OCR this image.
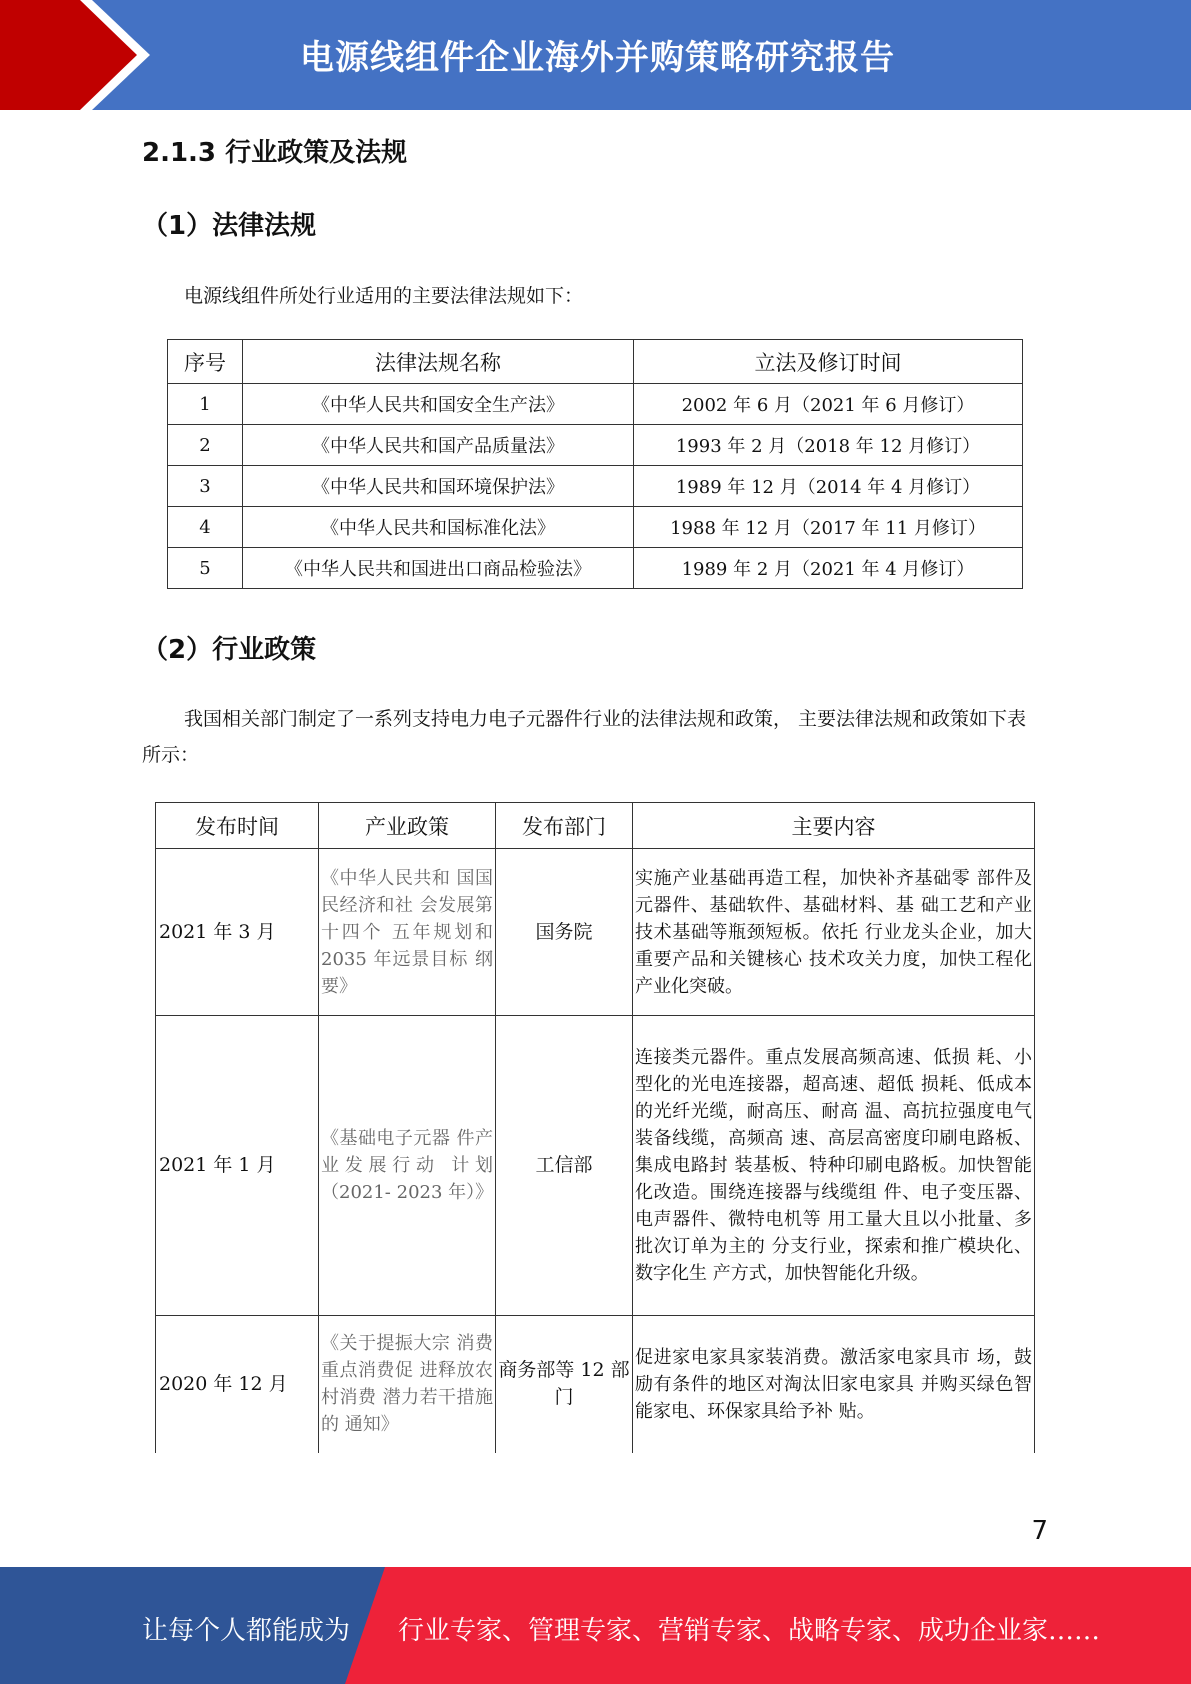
电源线组件企业海外并购策略研究报告
2.1.3 行业政策及法规
（1）法律法规
电源线组件所处行业适用的主要法律法规如下：
序号	法律法规名称	立法及修订时间
1	《中华人民共和国安全生产法》	2002 年 6 月（2021 年 6 月修订）
2	《中华人民共和国产品质量法》	1993 年 2 月（2018 年 12 月修订）
3	《中华人民共和国环境保护法》	1989 年 12 月（2014 年 4 月修订）
4	《中华人民共和国标准化法》	1988 年 12 月（2017 年 11 月修订）
5	《中华人民共和国进出口商品检验法》	1989 年 2 月（2021 年 4 月修订）
（2）行业政策
我国相关部门制定了一系列支持电力电子元器件行业的法律法规和政策， 主要法律法规和政策如下表所示：
发布时间	产业政策	发布部门	主要内容
2021 年 3 月	《中华人民共和 国国民经济和社 会发展第十四个 五年规划和 2035 年远景目标 纲要》	国务院	实施产业基础再造工程，加快补齐基础零 部件及元器件、基础软件、基础材料、基 础工艺和产业技术基础等瓶颈短板。依托 行业龙头企业，加大重要产品和关键核心 技术攻关力度，加快工程化产业化突破。
2021 年 1 月	《基础电子元器 件产业发展行动 计划（2021- 2023 年）》	工信部	连接类元器件。重点发展高频高速、低损 耗、小型化的光电连接器，超高速、超低 损耗、低成本的光纤光缆，耐高压、耐高 温、高抗拉强度电气装备线缆，高频高 速、高层高密度印刷电路板、集成电路封 装基板、特种印刷电路板。加快智能化改造。围绕连接器与线缆组 件、电子变压器、电声器件、微特电机等 用工量大且以小批量、多批次订单为主的 分支行业，探索和推广模块化、数字化生 产方式，加快智能化升级。
2020 年 12 月	《关于提振大宗 消费重点消费促 进释放农村消费 潜力若干措施的 通知》	商务部等 12 部门	促进家电家具家装消费。激活家电家具市 场，鼓励有条件的地区对淘汰旧家电家具 并购买绿色智能家电、环保家具给予补 贴。
7
让每个人都能成为 行业专家、管理专家、营销专家、战略专家、成功企业家……
